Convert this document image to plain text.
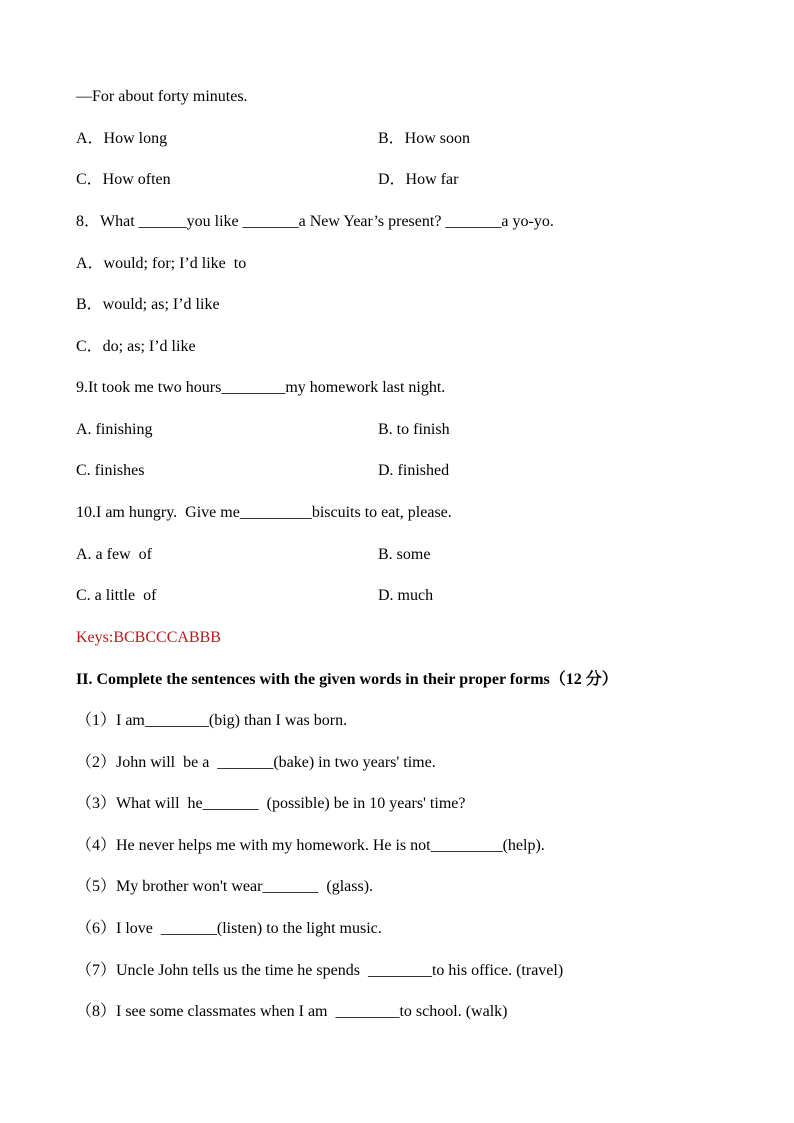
—For about forty minutes.
A．How long	B．How soon
C．How often	D．How far
8．What ______you like _______a New Year’s present? _______a yo-yo.
A．would; for; I’d like  to
B．would; as; I’d like
C．do; as; I’d like
9.It took me two hours________my homework last night.
A. finishing	B. to finish
C. finishes	D. finished
10.I am hungry.  Give me_________biscuits to eat, please.
A. a few  of	B. some
C. a little  of	D. much
Keys:BCBCCCABBB
II. Complete the sentences with the given words in their proper forms（12 分）
（1）I am________(big) than I was born.
（2）John will  be a  _______(bake) in two years' time.
（3）What will  he_______  (possible) be in 10 years' time?
（4）He never helps me with my homework. He is not_________(help).
（5）My brother won't wear_______  (glass).
（6）I love  _______(listen) to the light music.
（7）Uncle John tells us the time he spends  ________to his office. (travel)
（8）I see some classmates when I am  ________to school. (walk)
